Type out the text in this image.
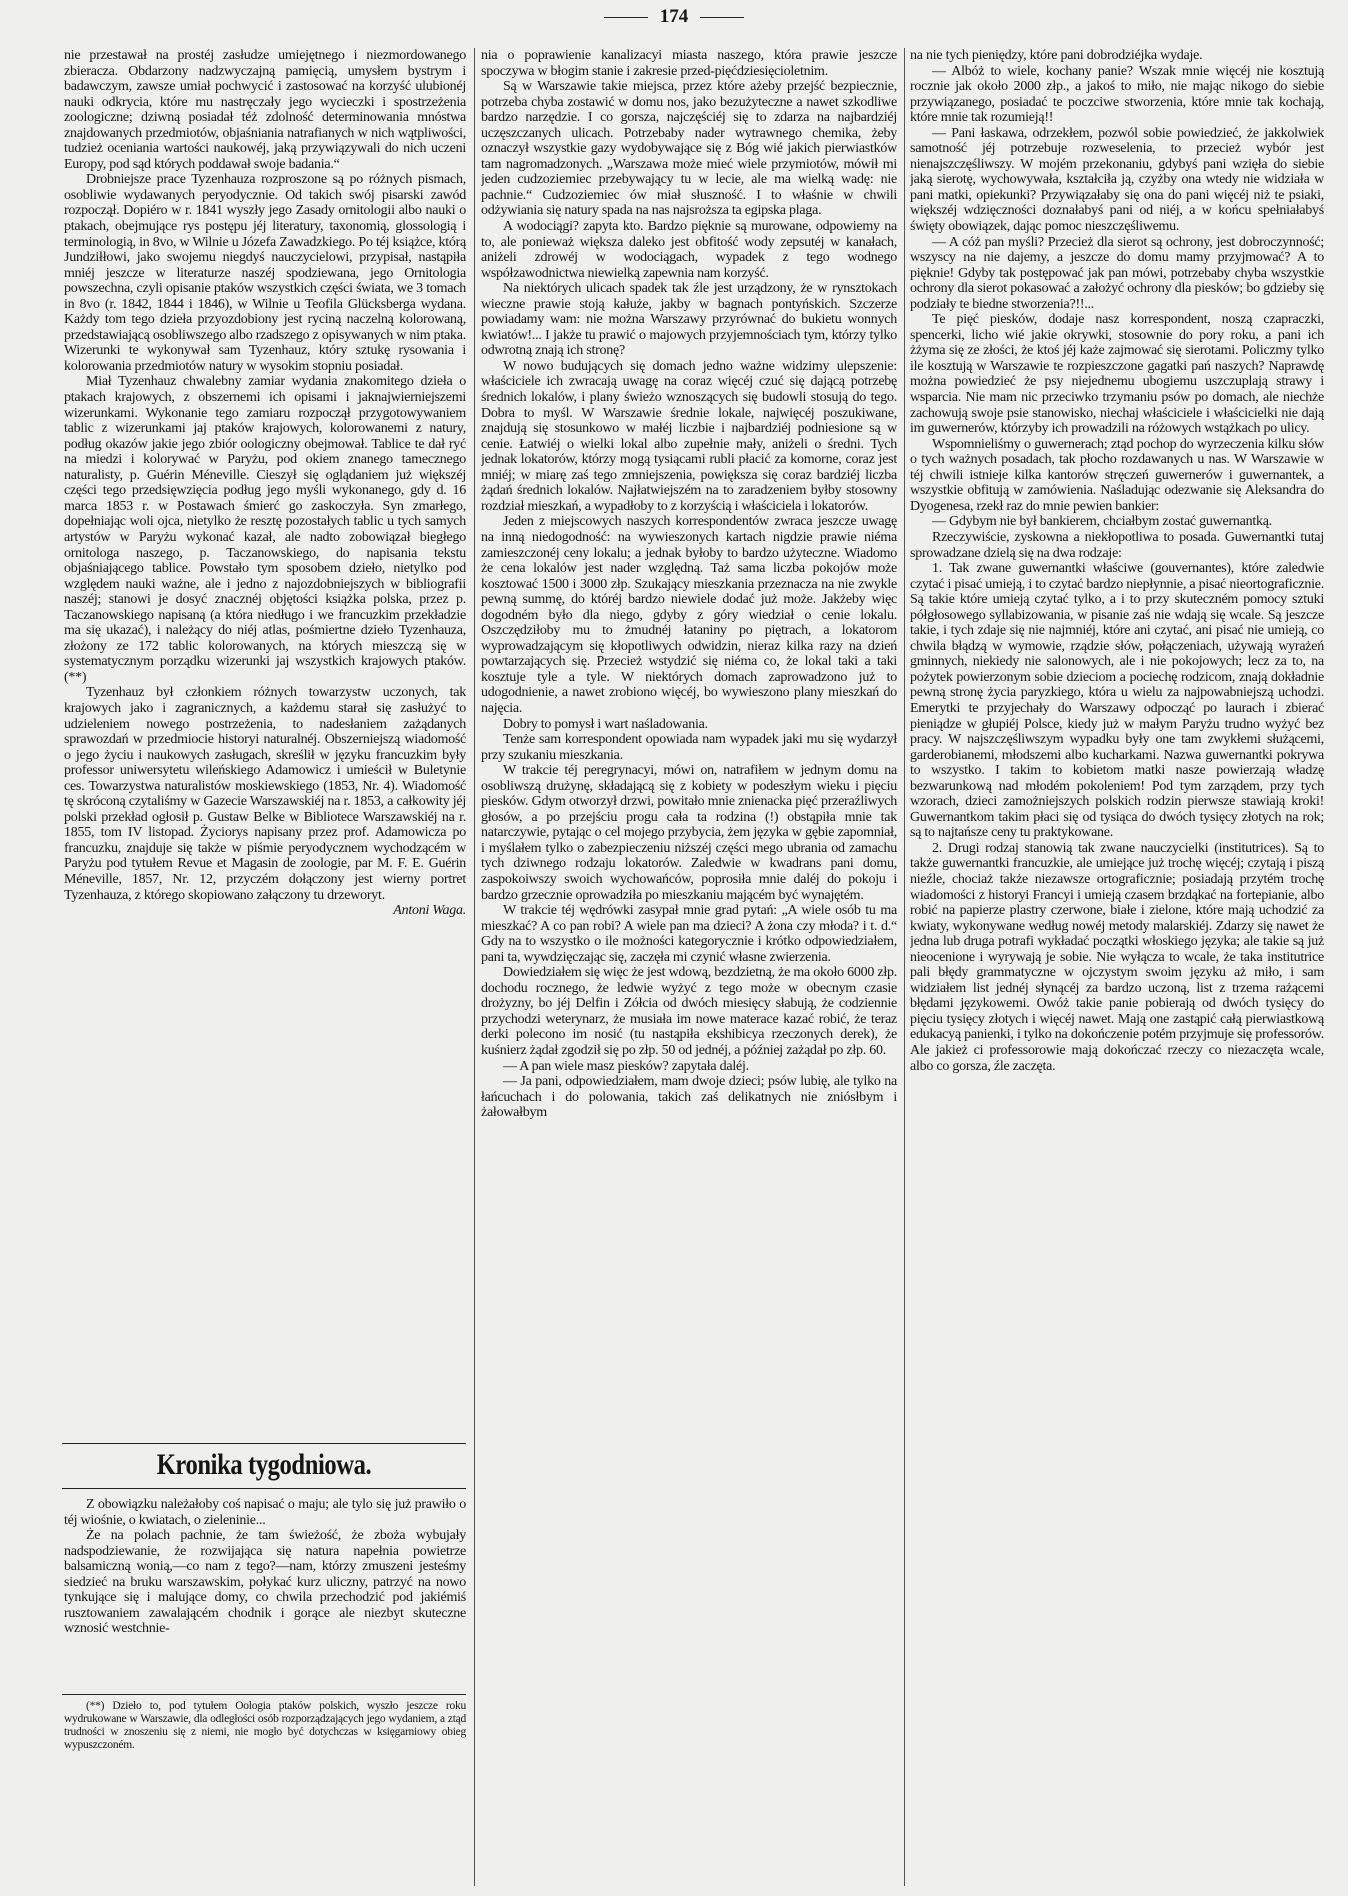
174

nie przestawał na prostéj zasłudze umiejętnego i niezmordowanego zbieracza. Obdarzony nadzwyczajną pamięcią, umysłem bystrym i badawczym, zawsze umiał pochwycić i zastosować na korzyść ulubionéj nauki odkrycia, które mu nastręczały jego wycieczki i spostrzeżenia zoologiczne; dziwną posiadał téż zdolność determinowania mnóstwa znajdowanych przedmiotów, objaśniania natrafianych w nich wątpliwości, tudzież oceniania wartości naukowéj, jaką przywiązywali do nich uczeni Europy, pod sąd których poddawał swoje badania.“

Drobniejsze prace Tyzenhauza rozproszone są po różnych pismach, osobliwie wydawanych peryodycznie. Od takich swój pisarski zawód rozpoczął. Dopiéro w r. 1841 wyszły jego Zasady ornitologii albo nauki o ptakach, obejmujące rys postępu jéj literatury, taxonomią, glossologią i terminologią, in 8vo, w Wilnie u Józefa Zawadzkiego. Po téj książce, którą Jundziłłowi, jako swojemu niegdyś nauczycielowi, przypisał, nastąpiła mniéj jeszcze w literaturze naszéj spodziewana, jego Ornitologia powszechna, czyli opisanie ptaków wszystkich części świata, we 3 tomach in 8vo (r. 1842, 1844 i 1846), w Wilnie u Teofila Glücksberga wydana. Każdy tom tego dzieła przyozdobiony jest ryciną naczelną kolorowaną, przedstawiającą osobliwszego albo rzadszego z opisywanych w nim ptaka. Wizerunki te wykonywał sam Tyzenhauz, który sztukę rysowania i kolorowania przedmiotów natury w wysokim stopniu posiadał.

Miał Tyzenhauz chwalebny zamiar wydania znakomitego dzieła o ptakach krajowych, z obszernemi ich opisami i jaknajwierniejszemi wizerunkami. Wykonanie tego zamiaru rozpoczął przygotowywaniem tablic z wizerunkami jaj ptaków krajowych, kolorowanemi z natury, podług okazów jakie jego zbiór oologiczny obejmował. Tablice te dał ryć na miedzi i kolorywać w Paryżu, pod okiem znanego tamecznego naturalisty, p. Guérin Méneville. Cieszył się oglądaniem już większéj części tego przedsięwzięcia podług jego myśli wykonanego, gdy d. 16 marca 1853 r. w Postawach śmierć go zaskoczyła. Syn zmarłego, dopełniając woli ojca, nietylko że resztę pozostałych tablic u tych samych artystów w Paryżu wykonać kazał, ale nadto zobowiązał biegłego ornitologa naszego, p. Taczanowskiego, do napisania tekstu objaśniającego tablice. Powstało tym sposobem dzieło, nietylko pod względem nauki ważne, ale i jedno z najozdobniejszych w bibliografii naszéj; stanowi je dosyć znacznéj objętości książka polska, przez p. Taczanowskiego napisaną (a która niedługo i we francuzkim przekładzie ma się ukazać), i należący do niéj atlas, pośmiertne dzieło Tyzenhauza, złożony ze 172 tablic kolorowanych, na których mieszczą się w systematycznym porządku wizerunki jaj wszystkich krajowych ptaków.(**)

Tyzenhauz był członkiem różnych towarzystw uczonych, tak krajowych jako i zagranicznych, a każdemu starał się zasłużyć to udzieleniem nowego postrzeżenia, to nadesłaniem zażądanych sprawozdań w przedmiocie historyi naturalnéj. Obszerniejszą wiadomość o jego życiu i naukowych zasługach, skreślił w języku francuzkim były professor uniwersytetu wileńskiego Adamowicz i umieścił w Buletynie ces. Towarzystwa naturalistów moskiewskiego (1853, Nr. 4). Wiadomość tę skróconą czytaliśmy w Gazecie Warszawskiéj na r. 1853, a całkowity jéj polski przekład ogłosił p. Gustaw Belke w Bibliotece Warszawskiéj na r. 1855, tom IV listopad. Życiorys napisany przez prof. Adamowicza po francuzku, znajduje się także w piśmie peryodycznem wychodzącém w Paryżu pod tytułem Revue et Magasin de zoologie, par M. F. E. Guérin Méneville, 1857, Nr. 12, przyczém dołączony jest wierny portret Tyzenhauza, z którego skopiowano załączony tu drzeworyt.

Antoni Waga.

Kronika tygodniowa.

Z obowiązku należałoby coś napisać o maju; ale tylo się już prawiło o téj wiośnie, o kwiatach, o zieleninie...

Że na polach pachnie, że tam świeżość, że zboża wybujały nadspodziewanie, że rozwijająca się natura napełnia powietrze balsamiczną wonią,—co nam z tego?—nam, którzy zmuszeni jesteśmy siedzieć na bruku warszawskim, połykać kurz uliczny, patrzyć na nowo tynkujące się i malujące domy, co chwila przechodzić pod jakiémiś rusztowaniem zawalającém chodnik i gorące ale niezbyt skuteczne wznosić westchnie-

(**) Dzieło to, pod tytułem Oologia ptaków polskich, wyszło jeszcze roku wydrukowane w Warszawie, dla odległości osób rozporządzających jego wydaniem, a ztąd trudności w znoszeniu się z niemi, nie mogło być dotychczas w księgarniowy obieg wypuszczoném.

nia o poprawienie kanalizacyi miasta naszego, która prawie jeszcze spoczywa w błogim stanie i zakresie przed-pięćdziesięcioletnim.

Są w Warszawie takie miejsca, przez które ażeby przejść bezpiecznie, potrzeba chyba zostawić w domu nos, jako bezużyteczne a nawet szkodliwe bardzo narzędzie. I co gorsza, najczęściéj się to zdarza na najbardziéj uczęszczanych ulicach. Potrzebaby nader wytrawnego chemika, żeby oznaczył wszystkie gazy wydobywające się z Bóg wié jakich pierwiastków tam nagromadzonych. „Warszawa może mieć wiele przymiotów, mówił mi jeden cudzoziemiec przebywający tu w lecie, ale ma wielką wadę: nie pachnie.“ Cudzoziemiec ów miał słuszność. I to właśnie w chwili odżywiania się natury spada na nas najsroższa ta egipska plaga.

A wodociągi? zapyta kto. Bardzo pięknie są murowane, odpowiemy na to, ale ponieważ większa daleko jest obfitość wody zepsutéj w kanałach, aniżeli zdrowéj w wodociągach, wypadek z tego wodnego współzawodnictwa niewielką zapewnia nam korzyść.

Na niektórych ulicach spadek tak źle jest urządzony, że w rynsztokach wieczne prawie stoją kałuże, jakby w bagnach pontyńskich. Szczerze powiadamy wam: nie można Warszawy przyrównać do bukietu wonnych kwiatów!... I jakże tu prawić o majowych przyjemnościach tym, którzy tylko odwrotną znają ich stronę?

W nowo budujących się domach jedno ważne widzimy ulepszenie: właściciele ich zwracają uwagę na coraz więcéj czuć się dającą potrzebę średnich lokalów, i plany świeżo wznoszących się budowli stosują do tego. Dobra to myśl. W Warszawie średnie lokale, najwięcéj poszukiwane, znajdują się stosunkowo w małéj liczbie i najbardziéj podniesione są w cenie. Łatwiéj o wielki lokal albo zupełnie mały, aniżeli o średni. Tych jednak lokatorów, którzy mogą tysiącami rubli płacić za komorne, coraz jest mniéj; w miarę zaś tego zmniejszenia, powiększa się coraz bardziéj liczba żądań średnich lokalów. Najłatwiejszém na to zaradzeniem byłby stosowny rozdział mieszkań, a wypadłoby to z korzyścią i właściciela i lokatorów.

Jeden z miejscowych naszych korrespondentów zwraca jeszcze uwagę na inną niedogodność: na wywieszonych kartach nigdzie prawie niéma zamieszczonéj ceny lokalu; a jednak byłoby to bardzo użyteczne. Wiadomo że cena lokalów jest nader względną. Taż sama liczba pokojów może kosztować 1500 i 3000 złp. Szukający mieszkania przeznacza na nie zwykle pewną summę, do któréj bardzo niewiele dodać już może. Jakżeby więc dogodném było dla niego, gdyby z góry wiedział o cenie lokalu. Oszczędziłoby mu to żmudnéj łataniny po piętrach, a lokatorom wyprowadzającym się kłopotliwych odwidzin, nieraz kilka razy na dzień powtarzających się. Przecież wstydzić się niéma co, że lokal taki a taki kosztuje tyle a tyle. W niektórych domach zaprowadzono już to udogodnienie, a nawet zrobiono więcéj, bo wywieszono plany mieszkań do najęcia.

Dobry to pomysł i wart naśladowania.

Tenże sam korrespondent opowiada nam wypadek jaki mu się wydarzył przy szukaniu mieszkania.

W trakcie téj peregrynacyi, mówi on, natrafiłem w jednym domu na osobliwszą drużynę, składającą się z kobiety w podeszłym wieku i pięciu piesków. Gdym otworzył drzwi, powitało mnie znienacka pięć przeraźliwych głosów, a po przejściu progu cała ta rodzina (!) obstąpiła mnie tak natarczywie, pytając o cel mojego przybycia, żem języka w gębie zapomniał, i myślałem tylko o zabezpieczeniu niższéj części mego ubrania od zamachu tych dziwnego rodzaju lokatorów. Zaledwie w kwadrans pani domu, zaspokoiwszy swoich wychowańców, poprosiła mnie daléj do pokoju i bardzo grzecznie oprowadziła po mieszkaniu mającém być wynajętém.

W trakcie téj wędrówki zasypał mnie grad pytań: „A wiele osób tu ma mieszkać? A co pan robi? A wiele pan ma dzieci? A żona czy młoda? i t. d.“ Gdy na to wszystko o ile możności kategorycznie i krótko odpowiedziałem, pani ta, wywdzięczając się, zaczęła mi czynić własne zwierzenia.

Dowiedziałem się więc że jest wdową, bezdzietną, że ma około 6000 złp. dochodu rocznego, że ledwie wyżyć z tego może w obecnym czasie drożyzny, bo jéj Delfin i Zółcia od dwóch miesięcy słabują, że codziennie przychodzi weterynarz, że musiała im nowe materace kazać robić, że teraz derki polecono im nosić (tu nastąpiła ekshibicya rzeczonych derek), że kuśnierz żądał zgodził się po złp. 50 od jednéj, a później zażądał po złp. 60.

— A pan wiele masz piesków? zapytała daléj.

— Ja pani, odpowiedziałem, mam dwoje dzieci; psów lubię, ale tylko na łańcuchach i do polowania, takich zaś delikatnych nie zniósłbym i żałowałbym

na nie tych pieniędzy, które pani dobrodziéjka wydaje.

— Albóż to wiele, kochany panie? Wszak mnie więcéj nie kosztują rocznie jak około 2000 złp., a jakoś to miło, nie mając nikogo do siebie przywiązanego, posiadać te poczciwe stworzenia, które mnie tak kochają, które mnie tak rozumieją!!

— Pani łaskawa, odrzekłem, pozwól sobie powiedzieć, że jakkolwiek samotność jéj potrzebuje rozweselenia, to przecież wybór jest nienajszczęśliwszy. W mojém przekonaniu, gdybyś pani wzięła do siebie jaką sierotę, wychowywała, kształciła ją, czyżby ona wtedy nie widziała w pani matki, opiekunki? Przywiązałaby się ona do pani więcéj niż te psiaki, większéj wdzięczności doznałabyś pani od niéj, a w końcu spełniałabyś święty obowiązek, dając pomoc nieszczęśliwemu.

— A cóż pan myśli? Przecież dla sierot są ochrony, jest dobroczynność; wszyscy na nie dajemy, a jeszcze do domu mamy przyjmować? A to pięknie! Gdyby tak postępować jak pan mówi, potrzebaby chyba wszystkie ochrony dla sierot pokasować a założyć ochrony dla piesków; bo gdzieby się podziały te biedne stworzenia?!!...

Te pięć piesków, dodaje nasz korrespondent, noszą czapraczki, spencerki, licho wié jakie okrywki, stosownie do pory roku, a pani ich żżyma się ze złości, że ktoś jéj każe zajmować się sierotami. Policzmy tylko ile kosztują w Warszawie te rozpieszczone gagatki pań naszych? Naprawdę można powiedzieć że psy niejednemu ubogiemu uszczuplają strawy i wsparcia. Nie mam nic przeciwko trzymaniu psów po domach, ale niechże zachowują swoje psie stanowisko, niechaj właściciele i właścicielki nie dają im guwernerów, którzyby ich prowadzili na różowych wstążkach po ulicy.

Wspomnieliśmy o guwernerach; ztąd pochop do wyrzeczenia kilku słów o tych ważnych posadach, tak płocho rozdawanych u nas. W Warszawie w téj chwili istnieje kilka kantorów stręczeń guwernerów i guwernantek, a wszystkie obfitują w zamówienia. Naśladując odezwanie się Aleksandra do Dyogenesa, rzekł raz do mnie pewien bankier:

— Gdybym nie był bankierem, chciałbym zostać guwernantką.

Rzeczywiście, zyskowna a niekłopotliwa to posada. Guwernantki tutaj sprowadzane dzielą się na dwa rodzaje:

1. Tak zwane guwernantki właściwe (gouvernantes), które zaledwie czytać i pisać umieją, i to czytać bardzo niepłynnie, a pisać nieortograficznie. Są takie które umieją czytać tylko, a i to przy skuteczném pomocy sztuki półgłosowego syllabizowania, w pisanie zaś nie wdają się wcale. Są jeszcze takie, i tych zdaje się nie najmniéj, które ani czytać, ani pisać nie umieją, co chwila błądzą w wymowie, rządzie słów, połączeniach, używają wyrażeń gminnych, niekiedy nie salonowych, ale i nie pokojowych; lecz za to, na pożytek powierzonym sobie dzieciom a pociechę rodzicom, znają dokładnie pewną stronę życia paryzkiego, która u wielu za najpowabniejszą uchodzi. Emerytki te przyjechały do Warszawy odpocząć po laurach i zbierać pieniądze w głupiéj Polsce, kiedy już w małym Paryżu trudno wyżyć bez pracy. W najszczęśliwszym wypadku były one tam zwykłemi służącemi, garderobianemi, młodszemi albo kucharkami. Nazwa guwernantki pokrywa to wszystko. I takim to kobietom matki nasze powierzają władzę bezwarunkową nad młodém pokoleniem! Pod tym zarządem, przy tych wzorach, dzieci zamożniejszych polskich rodzin pierwsze stawiają kroki! Guwernantkom takim płaci się od tysiąca do dwóch tysięcy złotych na rok; są to najtańsze ceny tu praktykowane.

2. Drugi rodzaj stanowią tak zwane nauczycielki (institutrices). Są to także guwernantki francuzkie, ale umiejące już trochę więcéj; czytają i piszą nieźle, chociaż także niezawsze ortograficznie; posiadają przytém trochę wiadomości z historyi Francyi i umieją czasem brzdąkać na fortepianie, albo robić na papierze plastry czerwone, białe i zielone, które mają uchodzić za kwiaty, wykonywane według nowéj metody malarskiéj. Zdarzy się nawet że jedna lub druga potrafi wykładać początki włoskiego języka; ale takie są już nieocenione i wyrywają je sobie. Nie wyłącza to wcale, że taka institutrice pali błędy grammatyczne w ojczystym swoim języku aż miło, i sam widziałem list jednéj słynącéj za bardzo uczoną, list z trzema rażącemi błędami językowemi. Owóż takie panie pobierają od dwóch tysięcy do pięciu tysięcy złotych i więcéj nawet. Mają one zastąpić całą pierwiastkową edukacyą panienki, i tylko na dokończenie potém przyjmuje się professorów. Ale jakież ci professorowie mają dokończać rzeczy co niezaczęta wcale, albo co gorsza, źle zaczęta.
